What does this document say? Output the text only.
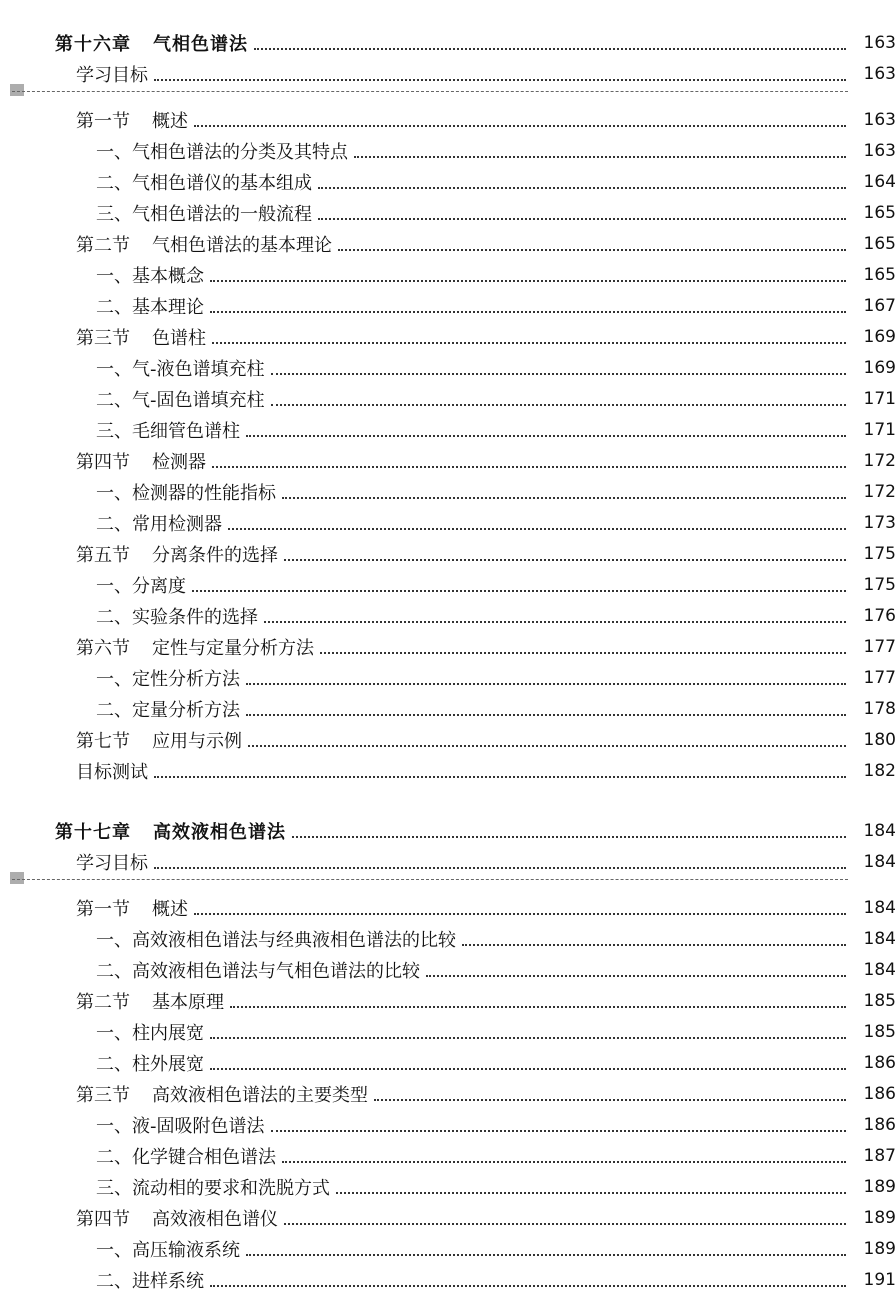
第十六章 气相色谱法	163
学习目标	163
第一节 概述	163
一、气相色谱法的分类及其特点	163
二、气相色谱仪的基本组成	164
三、气相色谱法的一般流程	165
第二节 气相色谱法的基本理论	165
一、基本概念	165
二、基本理论	167
第三节 色谱柱	169
一、气-液色谱填充柱	169
二、气-固色谱填充柱	171
三、毛细管色谱柱	171
第四节 检测器	172
一、检测器的性能指标	172
二、常用检测器	173
第五节 分离条件的选择	175
一、分离度	175
二、实验条件的选择	176
第六节 定性与定量分析方法	177
一、定性分析方法	177
二、定量分析方法	178
第七节 应用与示例	180
目标测试	182
第十七章 高效液相色谱法	184
学习目标	184
第一节 概述	184
一、高效液相色谱法与经典液相色谱法的比较	184
二、高效液相色谱法与气相色谱法的比较	184
第二节 基本原理	185
一、柱内展宽	185
二、柱外展宽	186
第三节 高效液相色谱法的主要类型	186
一、液-固吸附色谱法	186
二、化学键合相色谱法	187
三、流动相的要求和洗脱方式	189
第四节 高效液相色谱仪	189
一、高压输液系统	189
二、进样系统	191
